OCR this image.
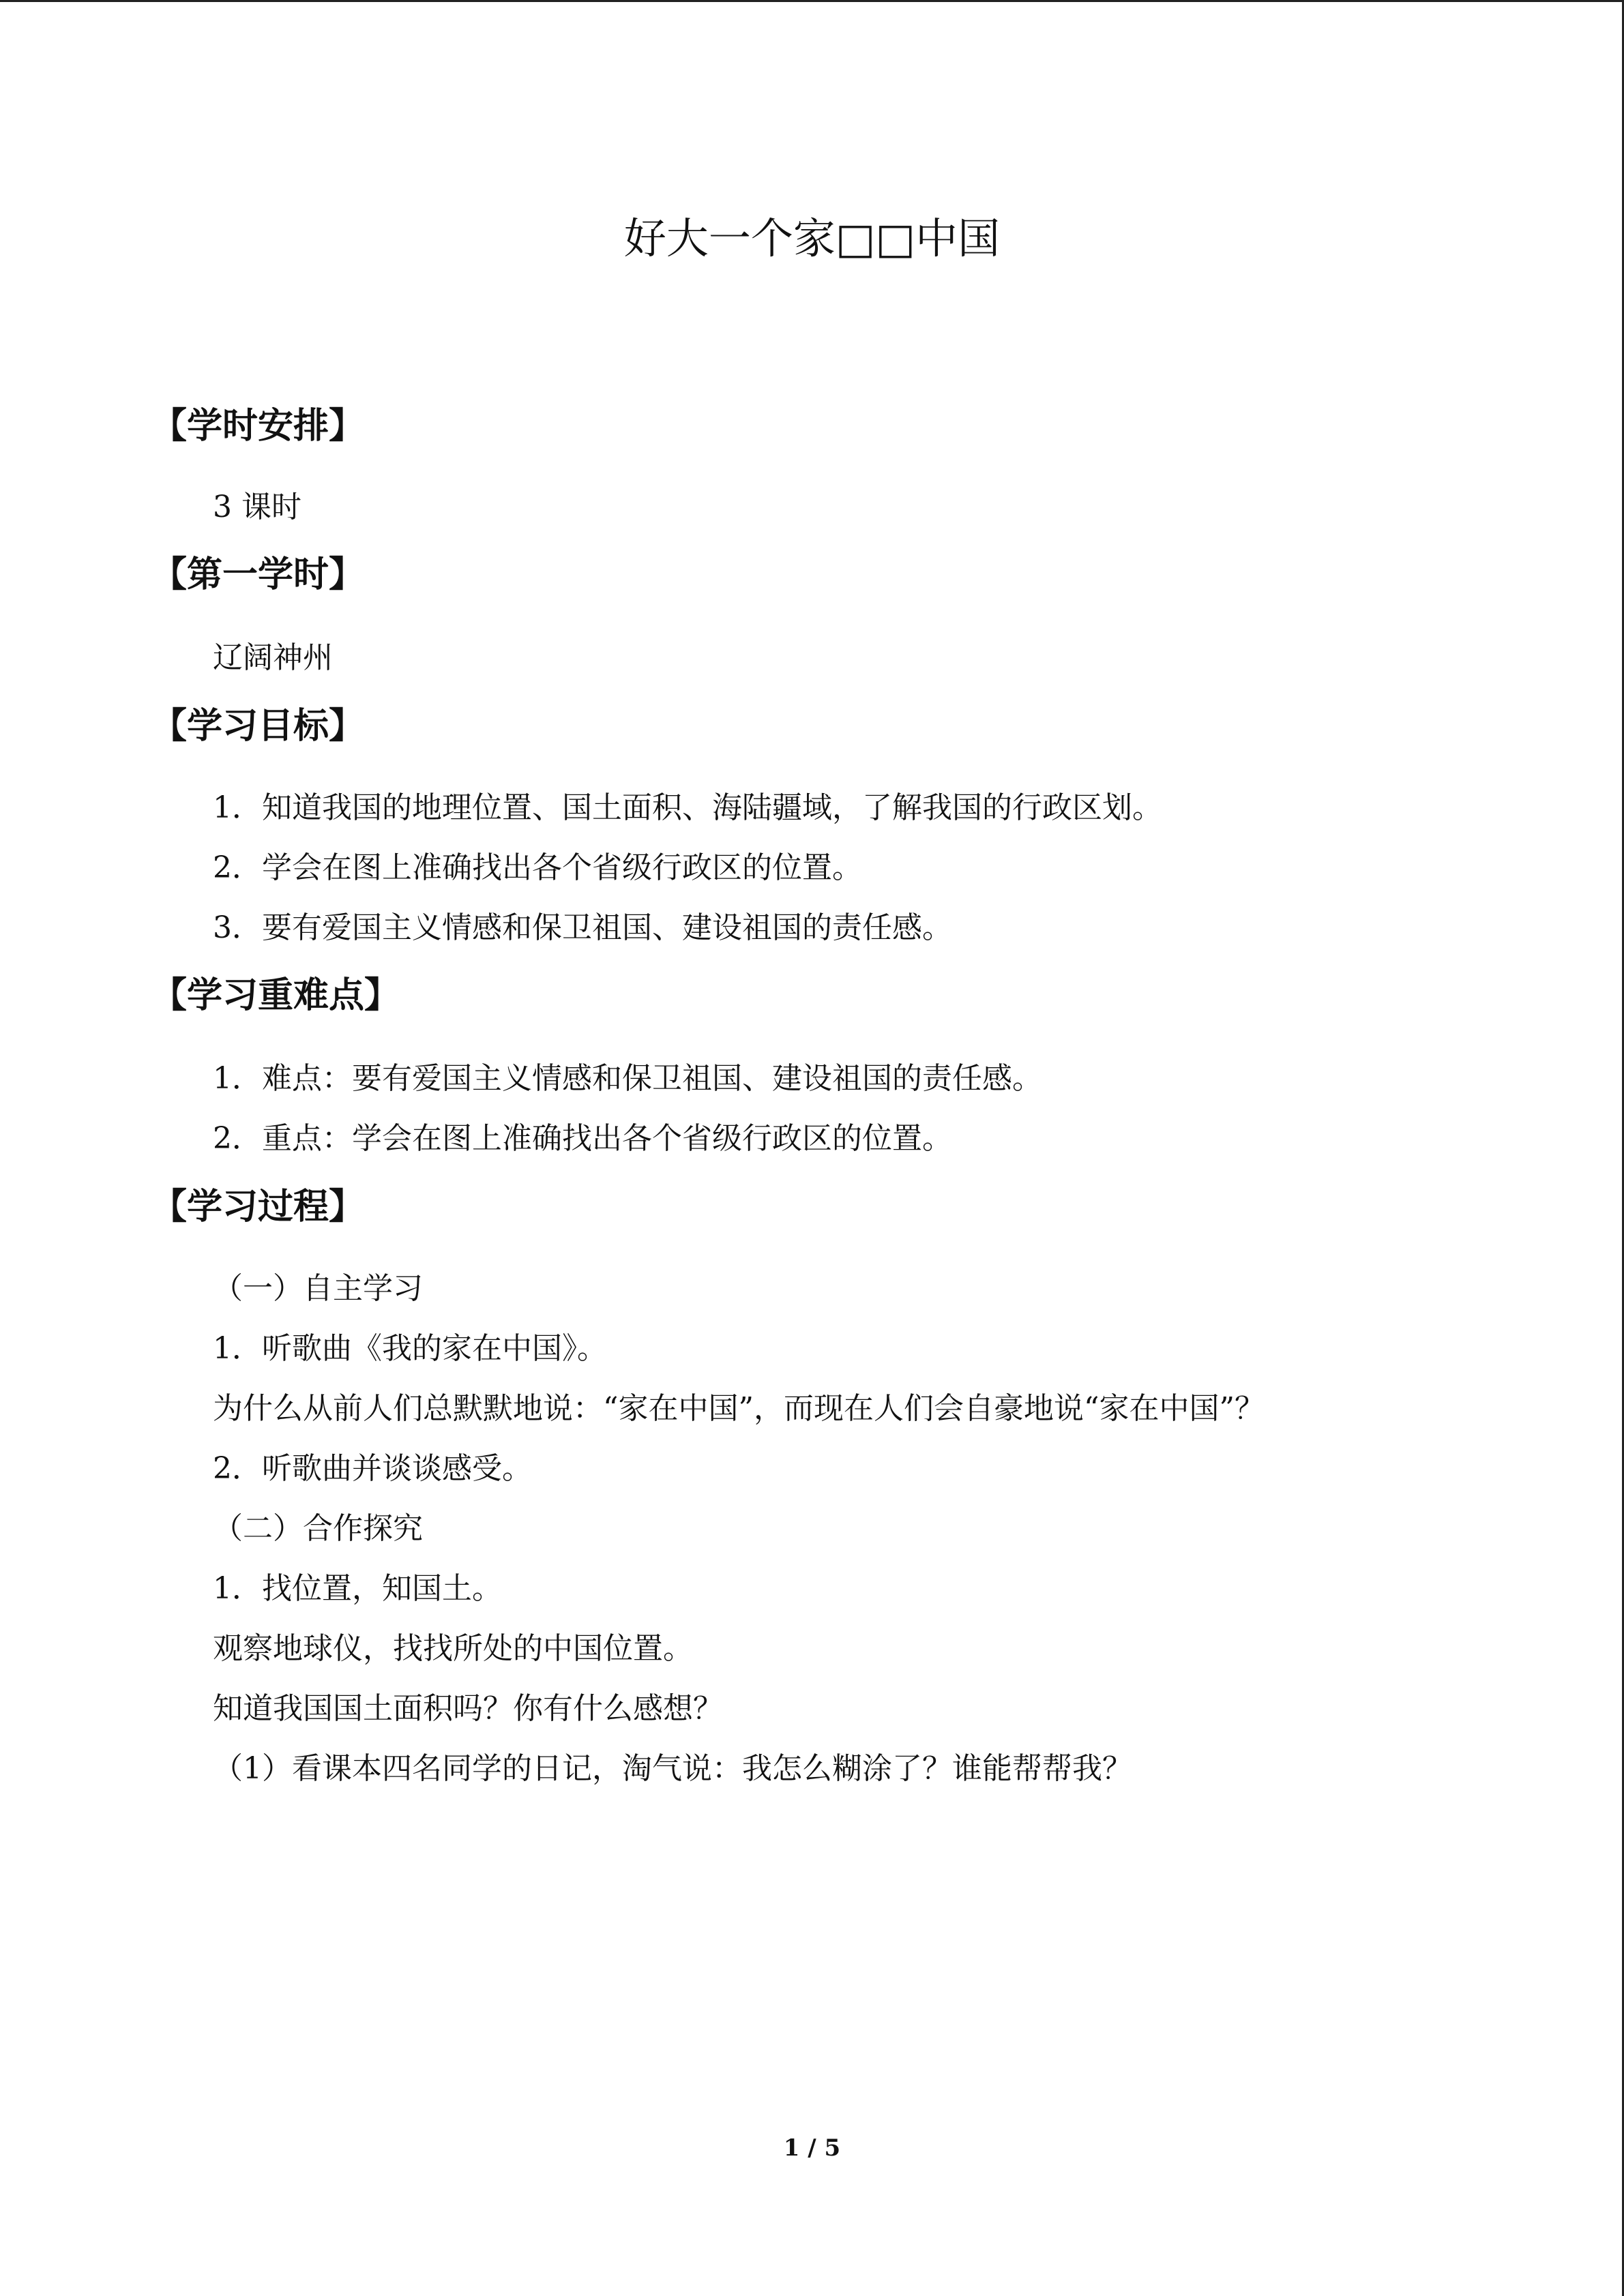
好大一个家□□中国
【学时安排】
3 课时
【第一学时】
辽阔神州
【学习目标】
1．知道我国的地理位置、国土面积、海陆疆域，了解我国的行政区划。
2．学会在图上准确找出各个省级行政区的位置。
3．要有爱国主义情感和保卫祖国、建设祖国的责任感。
【学习重难点】
1．难点：要有爱国主义情感和保卫祖国、建设祖国的责任感。
2．重点：学会在图上准确找出各个省级行政区的位置。
【学习过程】
（一）自主学习
1．听歌曲《我的家在中国》。
为什么从前人们总默默地说：“家在中国”，而现在人们会自豪地说“家在中国”？
2．听歌曲并谈谈感受。
（二）合作探究
1．找位置，知国土。
观察地球仪，找找所处的中国位置。
知道我国国土面积吗？你有什么感想？
（1）看课本四名同学的日记，淘气说：我怎么糊涂了？谁能帮帮我？
1 / 5
